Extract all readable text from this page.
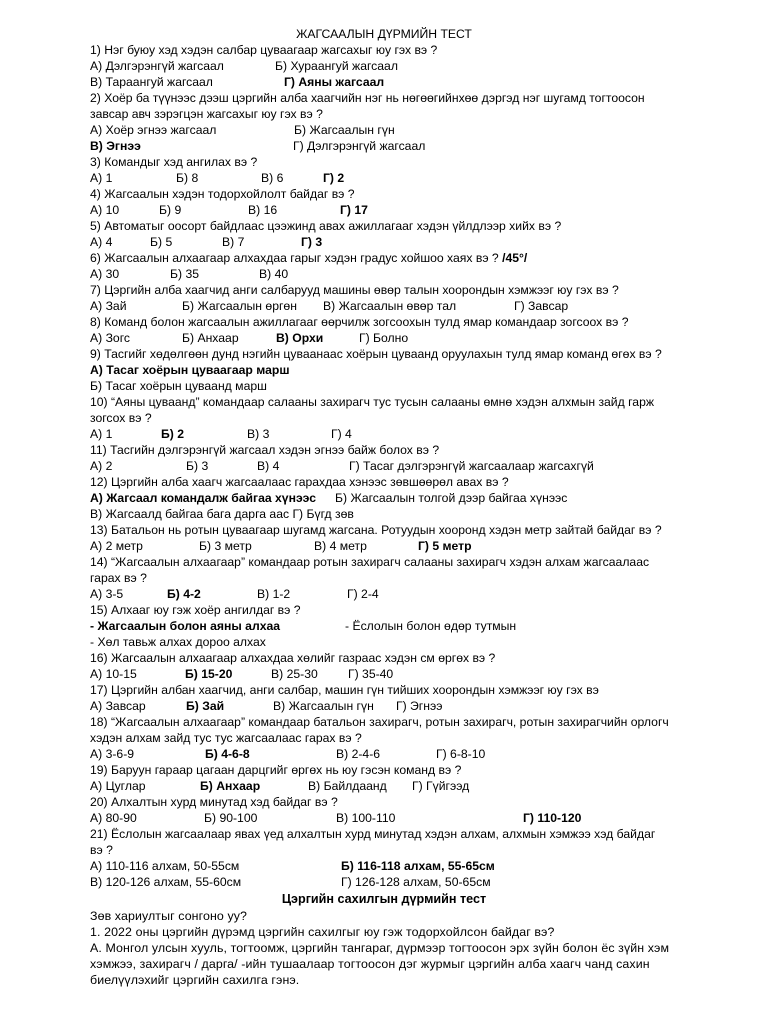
ЖАГСААЛЫН ДҮРМИЙН ТЕСТ
1) Нэг буюу хэд хэдэн салбар цуваагаар жагсахыг юу гэх вэ ?
А) Дэлгэрэнгүй жагсаал	Б) Хураангуй жагсаал
В) Тараангуй жагсаал	Г) Аяны жагсаал
2) Хоёр ба түүнээс дээш цэргийн алба хаагчийн нэг нь нөгөөгийнхөө дэргэд нэг шугамд тогтоосон
завсар авч зэрэгцэн жагсахыг юу гэх вэ ?
А) Хоёр эгнээ жагсаал	Б) Жагсаалын гүн
В) Эгнээ	Г) Дэлгэрэнгүй жагсаал
3) Командыг хэд ангилах вэ ?
А) 1	Б) 8	В) 6	Г) 2
4) Жагсаалын хэдэн тодорхойлолт байдаг вэ ?
А) 10	Б) 9	В) 16	Г) 17
5) Автоматыг оосорт байдлаас цээжинд авах ажиллагааг хэдэн үйлдлээр хийх вэ ?
А) 4	Б) 5	В) 7	Г) 3
6) Жагсаалын алхаагаар алхахдаа гарыг хэдэн градус хойшоо хаях вэ ? /45°/
А) 30	Б) 35	В) 40
7) Цэргийн алба хаагчид анги салбарууд машины өвөр талын хоорондын хэмжээг юу гэх вэ ?
А) Зай	Б) Жагсаалын өргөн В) Жагсаалын өвөр тал	Г) Завсар
8) Команд болон жагсаалын ажиллагааг өөрчилж зогсоохын тулд ямар командаар зогсоох вэ ?
А) Зогс	Б) Анхаар	В) Орхи	Г) Болно
9) Тасгийг хөдөлгөөн дунд нэгийн цуваанаас хоёрын цуваанд оруулахын тулд ямар команд өгөх вэ ?
А) Тасаг хоёрын цуваагаар марш
Б) Тасаг хоёрын цуваанд марш
10) “Аяны цуваанд” командаар салааны захирагч тус тусын салааны өмнө хэдэн алхмын зайд гарж
зогсох вэ ?
А) 1	Б) 2	В) 3	Г) 4
11) Тасгийн дэлгэрэнгүй жагсаал хэдэн эгнээ байж болох вэ ?
А) 2	Б) 3	В) 4	Г) Тасаг дэлгэрэнгүй жагсаалаар жагсахгүй
12) Цэргийн алба хаагч жагсаалаас гарахдаа хэнээс зөвшөөрөл авах вэ ?
А) Жагсаал командалж байгаа хүнээс Б) Жагсаалын толгой дээр байгаа хүнээс
В) Жагсаалд байгаа бага дарга аас Г) Бүгд зөв
13) Батальон нь ротын цуваагаар шугамд жагсана. Ротуудын хооронд хэдэн метр зайтай байдаг вэ ?
А) 2 метр	Б) 3 метр	В) 4 метр	Г) 5 метр
14) “Жагсаалын алхаагаар” командаар ротын захирагч салааны захирагч хэдэн алхам жагсаалаас
гарах вэ ?
А) 3-5	Б) 4-2	В) 1-2	Г) 2-4
15) Алхааг юу гэж хоёр ангилдаг вэ ?
- Жагсаалын болон аяны алхаа	- Ёслолын болон өдөр тутмын
- Хөл тавьж алхах дороо алхах
16) Жагсаалын алхаагаар алхахдаа хөлийг газраас хэдэн см өргөх вэ ?
А) 10-15	Б) 15-20	В) 25-30 Г) 35-40
17) Цэргийн албан хаагчид, анги салбар, машин гүн тийших хоорондын хэмжээг юу гэх вэ
А) Завсар	Б) Зай	В) Жагсаалын гүн Г) Эгнээ
18) “Жагсаалын алхаагаар” командаар батальон захирагч, ротын захирагч, ротын захирагчийн орлогч
хэдэн алхам зайд тус тус жагсаалаас гарах вэ ?
А) 3-6-9	Б) 4-6-8	В) 2-4-6	Г) 6-8-10
19) Баруун гараар цагаан дарцгийг өргөх нь юу гэсэн команд вэ ?
А) Цуглар	Б) Анхаар	В) Байлдаанд Г) Гүйгээд
20) Алхалтын хурд минутад хэд байдаг вэ ?
А) 80-90	Б) 90-100	В) 100-110	Г) 110-120
21) Ёслолын жагсаалаар явах үед алхалтын хурд минутад хэдэн алхам, алхмын хэмжээ хэд байдаг
вэ ?
А) 110-116 алхам, 50-55см	Б) 116-118 алхам, 55-65см
В) 120-126 алхам, 55-60см	Г) 126-128 алхам, 50-65см
Цэргийн сахилгын дүрмийн тест
Зөв хариултыг сонгоно уу?
1. 2022 оны цэргийн дүрэмд цэргийн сахилгыг юу гэж тодорхойлсон байдаг вэ?
А. Монгол улсын хууль, тогтоомж, цэргийн тангараг, дүрмээр тогтоосон эрх зүйн болон ёс зүйн хэм
хэмжээ, захирагч / дарга/ -ийн тушаалаар тогтоосон дэг журмыг цэргийн алба хаагч чанд сахин
биелүүлэхийг цэргийн сахилга гэнэ.
